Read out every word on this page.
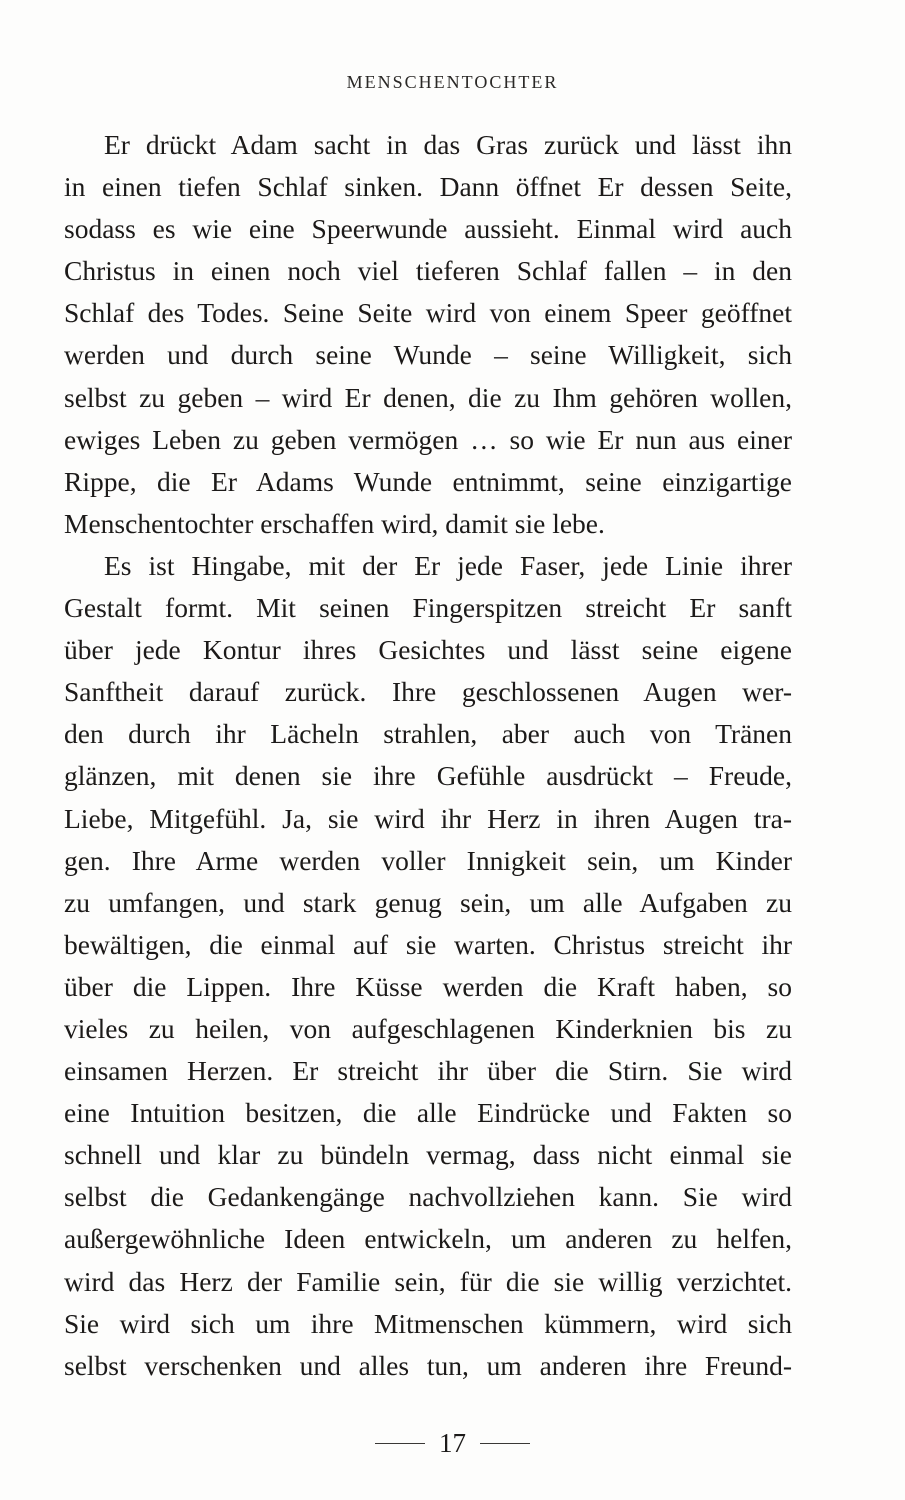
MENSCHENTOCHTER

Er drückt Adam sacht in das Gras zurück und lässt ihn
in einen tiefen Schlaf sinken. Dann öffnet Er dessen Seite,
sodass es wie eine Speerwunde aussieht. Einmal wird auch
Christus in einen noch viel tieferen Schlaf fallen – in den
Schlaf des Todes. Seine Seite wird von einem Speer geöffnet
werden und durch seine Wunde – seine Willigkeit, sich
selbst zu geben – wird Er denen, die zu Ihm gehören wollen,
ewiges Leben zu geben vermögen … so wie Er nun aus einer
Rippe, die Er Adams Wunde entnimmt, seine einzigartige
Menschentochter erschaffen wird, damit sie lebe.

Es ist Hingabe, mit der Er jede Faser, jede Linie ihrer
Gestalt formt. Mit seinen Fingerspitzen streicht Er sanft
über jede Kontur ihres Gesichtes und lässt seine eigene
Sanftheit darauf zurück. Ihre geschlossenen Augen wer-
den durch ihr Lächeln strahlen, aber auch von Tränen
glänzen, mit denen sie ihre Gefühle ausdrückt – Freude,
Liebe, Mitgefühl. Ja, sie wird ihr Herz in ihren Augen tra-
gen. Ihre Arme werden voller Innigkeit sein, um Kinder
zu umfangen, und stark genug sein, um alle Aufgaben zu
bewältigen, die einmal auf sie warten. Christus streicht ihr
über die Lippen. Ihre Küsse werden die Kraft haben, so
vieles zu heilen, von aufgeschlagenen Kinderknien bis zu
einsamen Herzen. Er streicht ihr über die Stirn. Sie wird
eine Intuition besitzen, die alle Eindrücke und Fakten so
schnell und klar zu bündeln vermag, dass nicht einmal sie
selbst die Gedankengänge nachvollziehen kann. Sie wird
außergewöhnliche Ideen entwickeln, um anderen zu helfen,
wird das Herz der Familie sein, für die sie willig verzichtet.
Sie wird sich um ihre Mitmenschen kümmern, wird sich
selbst verschenken und alles tun, um anderen ihre Freund-

17
